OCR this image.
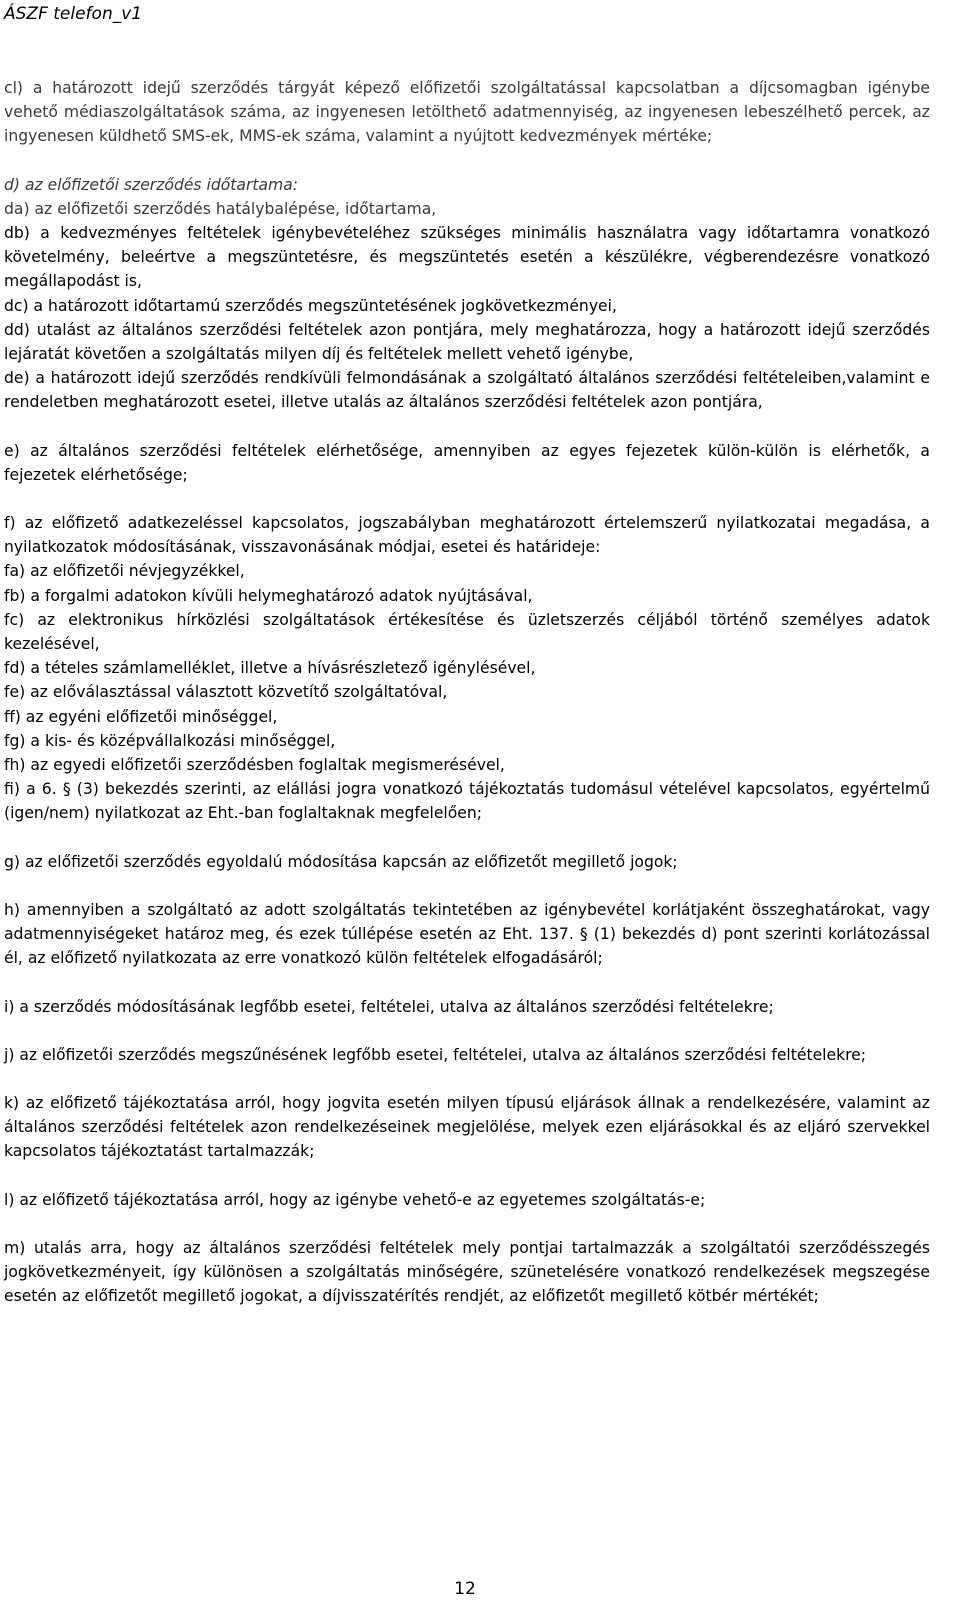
ÁSZF telefon_v1

cl) a határozott idejű szerződés tárgyát képező előfizetői szolgáltatással kapcsolatban a díjcsomagban igénybe vehető médiaszolgáltatások száma, az ingyenesen letölthető adatmennyiség, az ingyenesen lebeszélhető percek, az ingyenesen küldhető SMS-ek, MMS-ek száma, valamint a nyújtott kedvezmények mértéke;

d) az előfizetői szerződés időtartama:

da) az előfizetői szerződés hatálybalépése, időtartama,

db) a kedvezményes feltételek igénybevételéhez szükséges minimális használatra vagy időtartamra vonatkozó követelmény, beleértve a megszüntetésre, és megszüntetés esetén a készülékre, végberendezésre vonatkozó megállapodást is,

dc) a határozott időtartamú szerződés megszüntetésének jogkövetkezményei,

dd) utalást az általános szerződési feltételek azon pontjára, mely meghatározza, hogy a határozott idejű szerződés lejáratát követően a szolgáltatás milyen díj és feltételek mellett vehető igénybe,

de) a határozott idejű szerződés rendkívüli felmondásának a szolgáltató általános szerződési feltételeiben,valamint e rendeletben meghatározott esetei, illetve utalás az általános szerződési feltételek azon pontjára,

e) az általános szerződési feltételek elérhetősége, amennyiben az egyes fejezetek külön-külön is elérhetők, a fejezetek elérhetősége;

f) az előfizető adatkezeléssel kapcsolatos, jogszabályban meghatározott értelemszerű nyilatkozatai megadása, a nyilatkozatok módosításának, visszavonásának módjai, esetei és határideje:

fa) az előfizetői névjegyzékkel,

fb) a forgalmi adatokon kívüli helymeghatározó adatok nyújtásával,

fc) az elektronikus hírközlési szolgáltatások értékesítése és üzletszerzés céljából történő személyes adatok kezelésével,

fd) a tételes számlamelléklet, illetve a hívásrészletező igénylésével,

fe) az előválasztással választott közvetítő szolgáltatóval,

ff) az egyéni előfizetői minőséggel,

fg) a kis- és középvállalkozási minőséggel,

fh) az egyedi előfizetői szerződésben foglaltak megismerésével,

fi) a 6. § (3) bekezdés szerinti, az elállási jogra vonatkozó tájékoztatás tudomásul vételével kapcsolatos, egyértelmű (igen/nem) nyilatkozat az Eht.-ban foglaltaknak megfelelően;

g) az előfizetői szerződés egyoldalú módosítása kapcsán az előfizetőt megillető jogok;

h) amennyiben a szolgáltató az adott szolgáltatás tekintetében az igénybevétel korlátjaként összeghatárokat, vagy adatmennyiségeket határoz meg, és ezek túllépése esetén az Eht. 137. § (1) bekezdés d) pont szerinti korlátozással él, az előfizető nyilatkozata az erre vonatkozó külön feltételek elfogadásáról;

i) a szerződés módosításának legfőbb esetei, feltételei, utalva az általános szerződési feltételekre;

j) az előfizetői szerződés megszűnésének legfőbb esetei, feltételei, utalva az általános szerződési feltételekre;

k) az előfizető tájékoztatása arról, hogy jogvita esetén milyen típusú eljárások állnak a rendelkezésére, valamint az általános szerződési feltételek azon rendelkezéseinek megjelölése, melyek ezen eljárásokkal és az eljáró szervekkel kapcsolatos tájékoztatást tartalmazzák;

l) az előfizető tájékoztatása arról, hogy az igénybe vehető-e az egyetemes szolgáltatás-e;

m) utalás arra, hogy az általános szerződési feltételek mely pontjai tartalmazzák a szolgáltatói szerződésszegés jogkövetkezményeit, így különösen a szolgáltatás minőségére, szünetelésére vonatkozó rendelkezések megszegése esetén az előfizetőt megillető jogokat, a díjvisszatérítés rendjét, az előfizetőt megillető kötbér mértékét;

12
